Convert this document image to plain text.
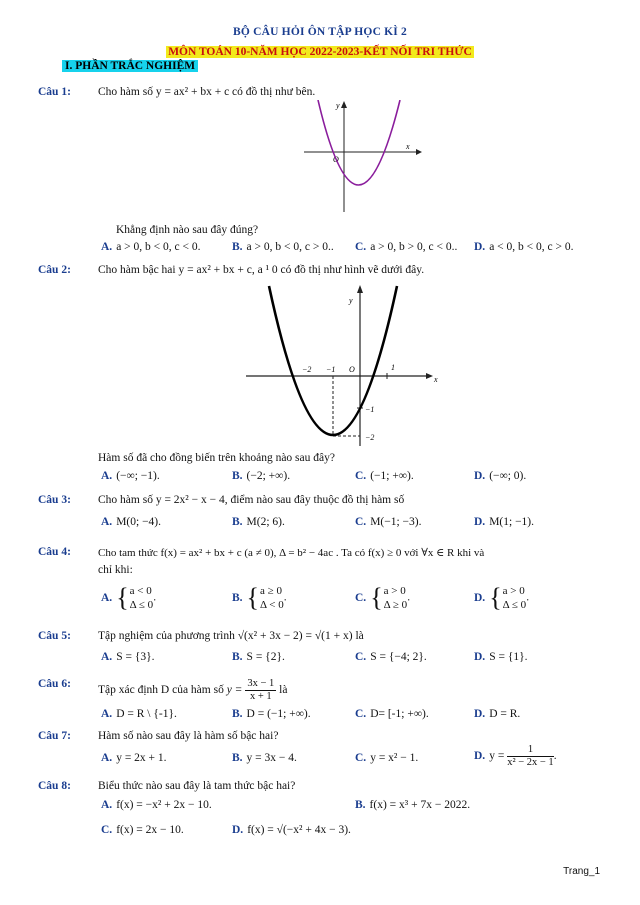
BỘ CÂU HỎI ÔN TẬP HỌC KÌ 2
MÔN TOÁN 10-NĂM HỌC 2022-2023-KẾT NỐI TRI THỨC
I. PHẦN TRẮC NGHIỆM
Câu 1: Cho hàm số y = ax² + bx + c có đồ thị như bên.
y
x
O
Khẳng định nào sau đây đúng?
A. a > 0, b < 0, c < 0.	B. a > 0, b < 0, c > 0.. C. a > 0, b > 0, c < 0.. D. a < 0, b < 0, c > 0.
Câu 2: Cho hàm bậc hai y = ax² + bx + c, a ¹ 0 có đồ thị như hình vẽ dưới đây.
y
x
O
−2 −1	1
−1
−2
Hàm số đã cho đồng biến trên khoảng nào sau đây?
A. (−∞; −1).	B. (−2; +∞).	C. (−1; +∞).	D. (−∞; 0).
Câu 3: Cho hàm số y = 2x² − x − 4, điểm nào sau đây thuộc đồ thị hàm số
A. M(0; −4).	B. M(2; 6).	C. M(−1; −3).	D. M(1; −1).
Câu 4: Cho tam thức f(x) = ax² + bx + c (a ≠ 0), Δ = b² − 4ac . Ta có f(x) ≥ 0 với ∀x ∈ R khi và
chỉ khi:
A. {a < 0
Δ ≤ 0.	B. {a ≥ 0
Δ < 0.	C. {a > 0
Δ ≥ 0.	D. {a > 0
Δ ≤ 0.
Câu 5: Tập nghiệm của phương trình √(x² + 3x − 2) = √(1 + x) là
A. S = {3}.	B. S = {2}.	C. S = {−4; 2}.	D. S = {1}.
Câu 6:
Tập xác định D của hàm số $y = \frac{3x - 1}{x + 1}$ là
A. D = R \ {-1}.	B. D = (−1; +∞).	C. D= [-1; +∞).	D. D = R.
Câu 7: Hàm số nào sau đây là hàm số bậc hai?
A. y = 2x + 1.	B. y = 3x − 4.	C. y = x² − 1.	D. $y = \frac{1}{\text{x² − 2x − 1}}$ .
Câu 8: Biểu thức nào sau đây là tam thức bậc hai?
A. f(x) = −x² + 2x − 10.	B. f(x) = x³ + 7x − 2022.
C. f(x) = 2x − 10.	D. f(x) = √(−x² + 4x − 3).
Trang_1
